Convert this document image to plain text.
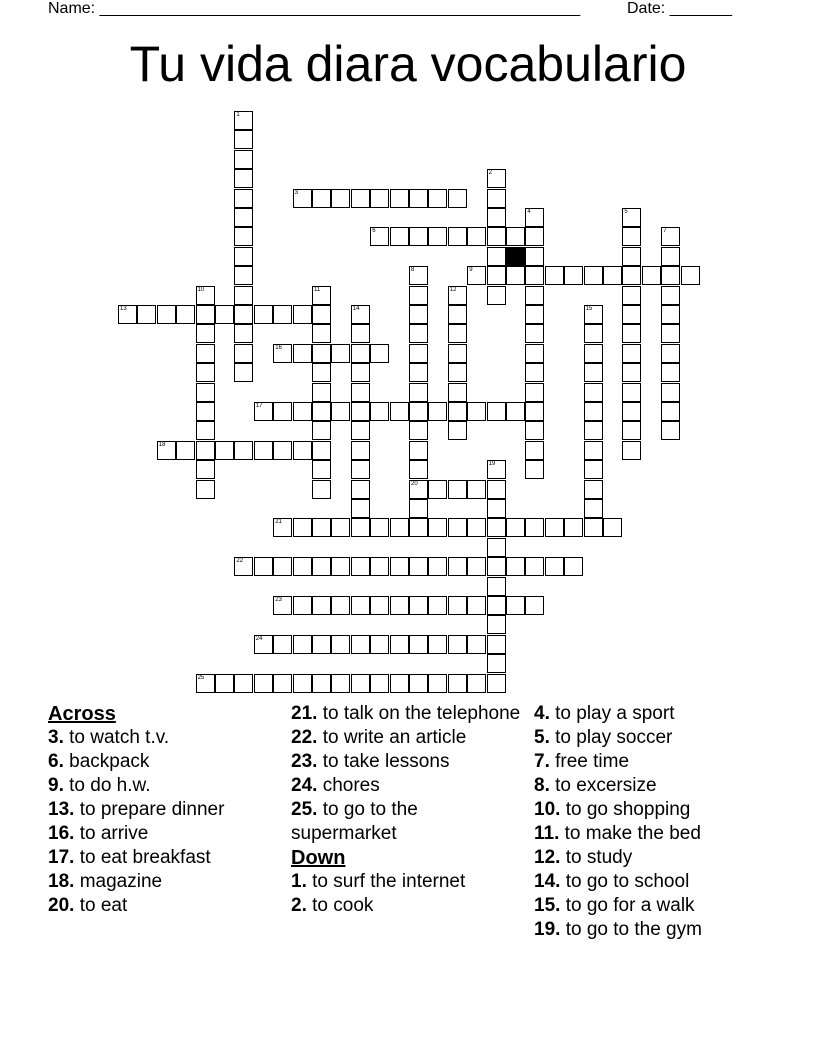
Name: ______________________________________________________	Date: _______
Tu vida diara vocabulario
1
2
3
4	5
6	7
8
20
9
10	11	12
13	14	15
16
17
18
19
21
22
23
24
25
Across
3. to watch t.v.
6. backpack
9. to do h.w.
13. to prepare dinner
16. to arrive
17. to eat breakfast
18. magazine
20. to eat
21. to talk on the telephone
22. to write an article
23. to take lessons
24. chores
25. to go to the supermarket
Down
1. to surf the internet
2. to cook
4. to play a sport
5. to play soccer
7. free time
8. to excersize
10. to go shopping
11. to make the bed
12. to study
14. to go to school
15. to go for a walk
19. to go to the gym
